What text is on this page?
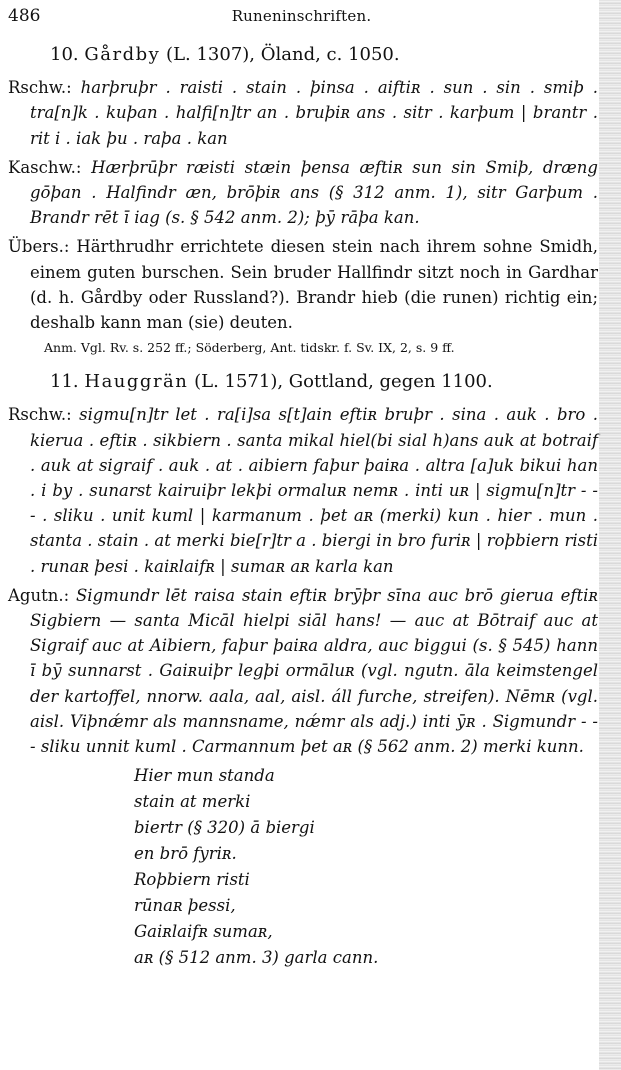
486	Runeninschriften.
10. Gårdby (L. 1307), Öland, c. 1050.
Rschw.: harþruþr . raisti . stain . þinsa . aiftiʀ . sun . sin . smiþ . tra[n]k . kuþan . halfi[n]tr an . bruþiʀ ans . sitr . karþum | brantr . rit i . iak þu . raþa . kan
Kaschw.: Hærþrūþr ræisti stæin þensa æftiʀ sun sin Smiþ, dræng gōþan . Halfindr æn, brōþiʀ ans (§ 312 anm. 1), sitr Garþum . Brandr rēt ī iag (s. § 542 anm. 2); þӯ rāþa kan.
Übers.: Härthrudhr errichtete diesen stein nach ihrem sohne Smidh, einem guten burschen. Sein bruder Hallfindr sitzt noch in Gardhar (d. h. Gårdby oder Russland?). Brandr hieb (die runen) richtig ein; deshalb kann man (sie) deuten.
Anm. Vgl. Rv. s. 252 ff.; Söderberg, Ant. tidskr. f. Sv. IX, 2, s. 9 ff.
11. Hauggrän (L. 1571), Gottland, gegen 1100.
Rschw.: sigmu[n]tr let . ra[i]sa s[t]ain eftiʀ bruþr . sina . auk . bro . kierua . eftiʀ . sikbiern . santa mikal hiel(bi sial h)ans auk at botraif . auk at sigraif . auk . at . aibiern faþur þaiʀa . altra [a]uk bikui han . i by . sunarst kairuiþr lekþi ormaluʀ nemʀ . inti uʀ | sigmu[n]tr - - - . sliku . unit kuml | karmanum . þet aʀ (merki) kun . hier . mun . stanta . stain . at merki bie[r]tr a . biergi in bro furiʀ | roþbiern risti . runaʀ þesi . kaiʀlaifʀ | sumaʀ aʀ karla kan
Agutn.: Sigmundr lēt raisa stain eftiʀ brӯþr sīna auc brō gierua eftiʀ Sigbiern — santa Micāl hielpi siāl hans! — auc at Bōtraif auc at Sigraif auc at Aibiern, faþur þaiʀa aldra, auc biggui (s. § 545) hann ī bӯ sunnarst . Gaiʀuiþr legþi ormāluʀ (vgl. ngutn. āla keimstengel der kartoffel, nnorw. aala, aal, aisl. áll furche, streifen). Nēmʀ (vgl. aisl. Viþnǽmr als mannsname, nǽmr als adj.) inti ӯʀ . Sigmundr - - - sliku unnit kuml . Carmannum þet aʀ (§ 562 anm. 2) merki kunn.
Hier mun standa
stain at merki
biertr (§ 320) ā biergi
en brō fyriʀ.
Roþbiern risti
rūnaʀ þessi,
Gaiʀlaifʀ sumaʀ,
aʀ (§ 512 anm. 3) garla cann.
